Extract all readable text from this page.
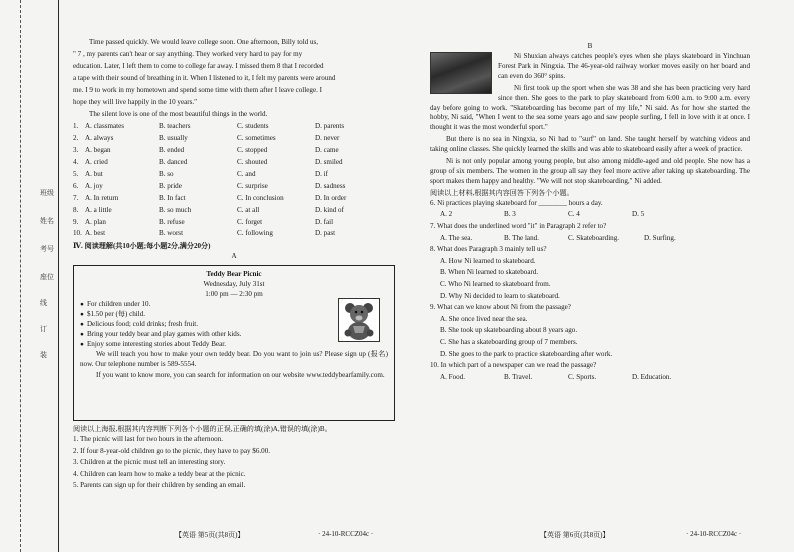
班级
姓名
考号
座位
线
订
装

Time passed quickly. We would leave college soon. One afternoon, Billy told us,

" 7 , my parents can't hear or say anything. They worked very hard to pay for my

education. Later, I left them to come to college far away. I missed them 8 that I recorded

a tape with their sound of breathing in it. When I listened to it, I felt my parents were around

me. I 9 to work in my hometown and spend some time with them after I leave college. I

hope they will live happily in the 10 years."

The silent love is one of the most beautiful things in the world.

1. A. classmates	B. teachers	C. students	D. parents
2. A. always	B. usually	C. sometimes	D. never
3. A. began	B. ended	C. stopped	D. came
4. A. cried	B. danced	C. shouted	D. smiled
5. A. but	B. so	C. and	D. if
6. A. joy	B. pride	C. surprise	D. sadness
7. A. In return	B. In fact	C. In conclusion	D. In order
8. A. a little	B. so much	C. at all	D. kind of
9. A. plan	B. refuse	C. forget	D. fail
10. A. best	B. worst	C. following	D. past
Ⅳ. 阅读理解(共10小题;每小题2分,满分20分)
A
Teddy Bear Picnic
Wednesday, July 31st
1:00 pm — 2:30 pm
● For children under 10.
● $1.50 per (每) child.
● Delicious food; cold drinks; fresh fruit.
● Bring your teddy bear and play games with other kids.
● Enjoy some interesting stories about Teddy Bear.

We will teach you how to make your own teddy bear. Do you want to join us? Please sign up (报名) now. Our telephone number is 589-5554.

If you want to know more, you can search for information on our website www.teddybearfamily.com.

阅读以上海报,根据其内容判断下列各个小题的正误,正确的填(涂)A,错误的填(涂)B。
1. The picnic will last for two hours in the afternoon.
2. If four 8-year-old children go to the picnic, they have to pay $6.00.
3. Children at the picnic must tell an interesting story.
4. Children can learn how to make a teddy bear at the picnic.
5. Parents can sign up for their children by sending an email.
【英语 第5页(共8页)】	· 24-10-RCCZ04c ·
B

Ni Shuxian always catches people's eyes when she plays skateboard in Yinchuan Forest Park in Ningxia. The 46-year-old railway worker moves easily on her board and can even do 360° spins.

Ni first took up the sport when she was 38 and she has been practicing very hard since then. She goes to the park to play skateboard from 6:00 a.m. to 9:00 a.m. every day before going to work. "Skateboarding has become part of my life," Ni said. As for how she started the hobby, Ni said, "When I went to the sea some years ago and saw people surfing, I fell in love with it at once. I thought it was the most wonderful sport."

But there is no sea in Ningxia, so Ni had to "surf" on land. She taught herself by watching videos and taking online classes. She quickly learned the skills and was able to skateboard easily after a week of practice.

Ni is not only popular among young people, but also among middle-aged and old people. She now has a group of six members. The women in the group all say they feel more active after taking up skateboarding. The sport makes them happy and healthy. "We will not stop skateboarding," Ni added.

阅读以上材料,根据其内容回答下列各个小题。
6. Ni practices playing skateboard for ________ hours a day.
A. 2	B. 3	C. 4	D. 5
7. What does the underlined word "it" in Paragraph 2 refer to?
A. The sea.	B. The land.	C. Skateboarding.	D. Surfing.
8. What does Paragraph 3 mainly tell us?
A. How Ni learned to skateboard.
B. When Ni learned to skateboard.
C. Who Ni learned to skateboard from.
D. Why Ni decided to learn to skateboard.
9. What can we know about Ni from the passage?
A. She once lived near the sea.
B. She took up skateboarding about 8 years ago.
C. She has a skateboarding group of 7 members.
D. She goes to the park to practice skateboarding after work.
10. In which part of a newspaper can we read the passage?
A. Food.	B. Travel.	C. Sports.	D. Education.
【英语 第6页(共8页)】	· 24-10-RCCZ04c ·
